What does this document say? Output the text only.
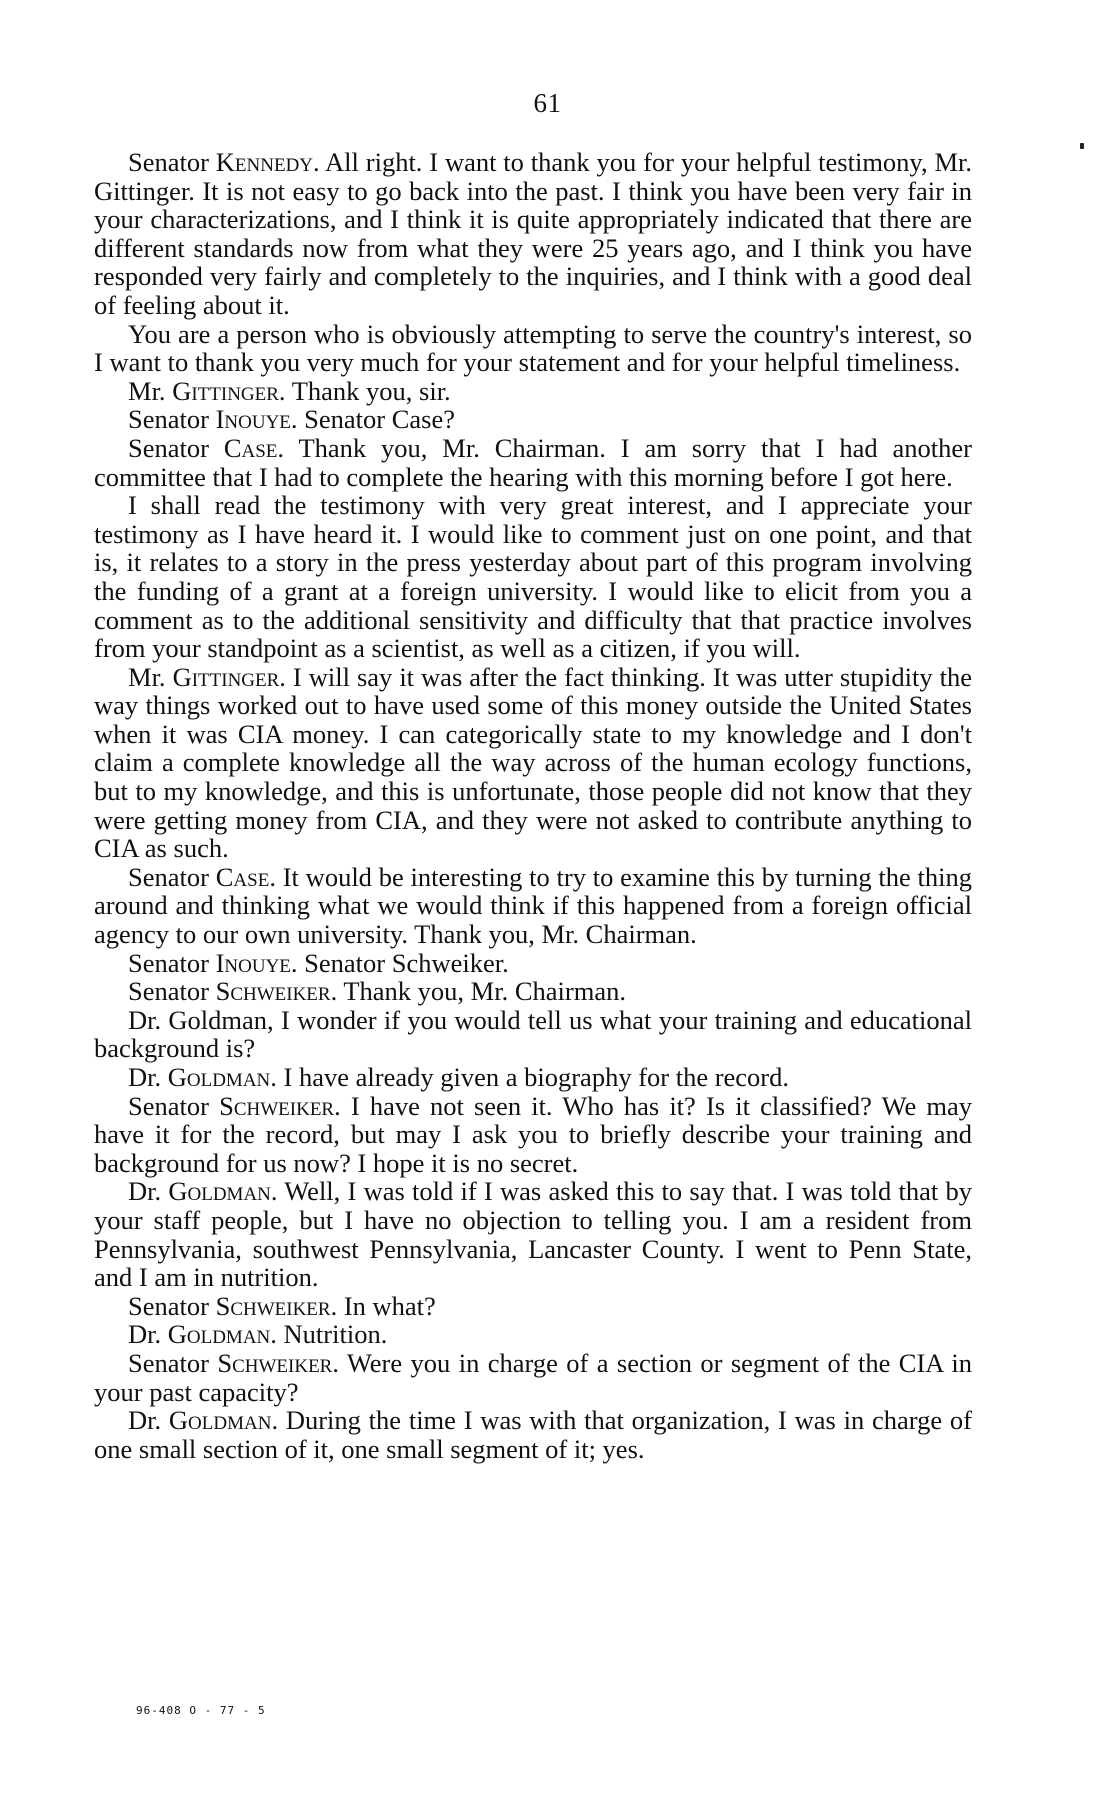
61

Senator Kennedy. All right. I want to thank you for your helpful testimony, Mr. Gittinger. It is not easy to go back into the past. I think you have been very fair in your characterizations, and I think it is quite appropriately indicated that there are different standards now from what they were 25 years ago, and I think you have responded very fairly and completely to the inquiries, and I think with a good deal of feeling about it.

You are a person who is obviously attempting to serve the country's interest, so I want to thank you very much for your statement and for your helpful timeliness.

Mr. Gittinger. Thank you, sir.

Senator Inouye. Senator Case?

Senator Case. Thank you, Mr. Chairman. I am sorry that I had another committee that I had to complete the hearing with this morning before I got here.

I shall read the testimony with very great interest, and I appreciate your testimony as I have heard it. I would like to comment just on one point, and that is, it relates to a story in the press yesterday about part of this program involving the funding of a grant at a foreign university. I would like to elicit from you a comment as to the additional sensitivity and difficulty that that practice involves from your standpoint as a scientist, as well as a citizen, if you will.

Mr. Gittinger. I will say it was after the fact thinking. It was utter stupidity the way things worked out to have used some of this money outside the United States when it was CIA money. I can categorically state to my knowledge and I don't claim a complete knowledge all the way across of the human ecology functions, but to my knowledge, and this is unfortunate, those people did not know that they were getting money from CIA, and they were not asked to contribute anything to CIA as such.

Senator Case. It would be interesting to try to examine this by turning the thing around and thinking what we would think if this happened from a foreign official agency to our own university. Thank you, Mr. Chairman.

Senator Inouye. Senator Schweiker.

Senator Schweiker. Thank you, Mr. Chairman.

Dr. Goldman, I wonder if you would tell us what your training and educational background is?

Dr. Goldman. I have already given a biography for the record.

Senator Schweiker. I have not seen it. Who has it? Is it classified? We may have it for the record, but may I ask you to briefly describe your training and background for us now? I hope it is no secret.

Dr. Goldman. Well, I was told if I was asked this to say that. I was told that by your staff people, but I have no objection to telling you. I am a resident from Pennsylvania, southwest Pennsylvania, Lancaster County. I went to Penn State, and I am in nutrition.

Senator Schweiker. In what?

Dr. Goldman. Nutrition.

Senator Schweiker. Were you in charge of a section or segment of the CIA in your past capacity?

Dr. Goldman. During the time I was with that organization, I was in charge of one small section of it, one small segment of it; yes.

96-408 O - 77 - 5
